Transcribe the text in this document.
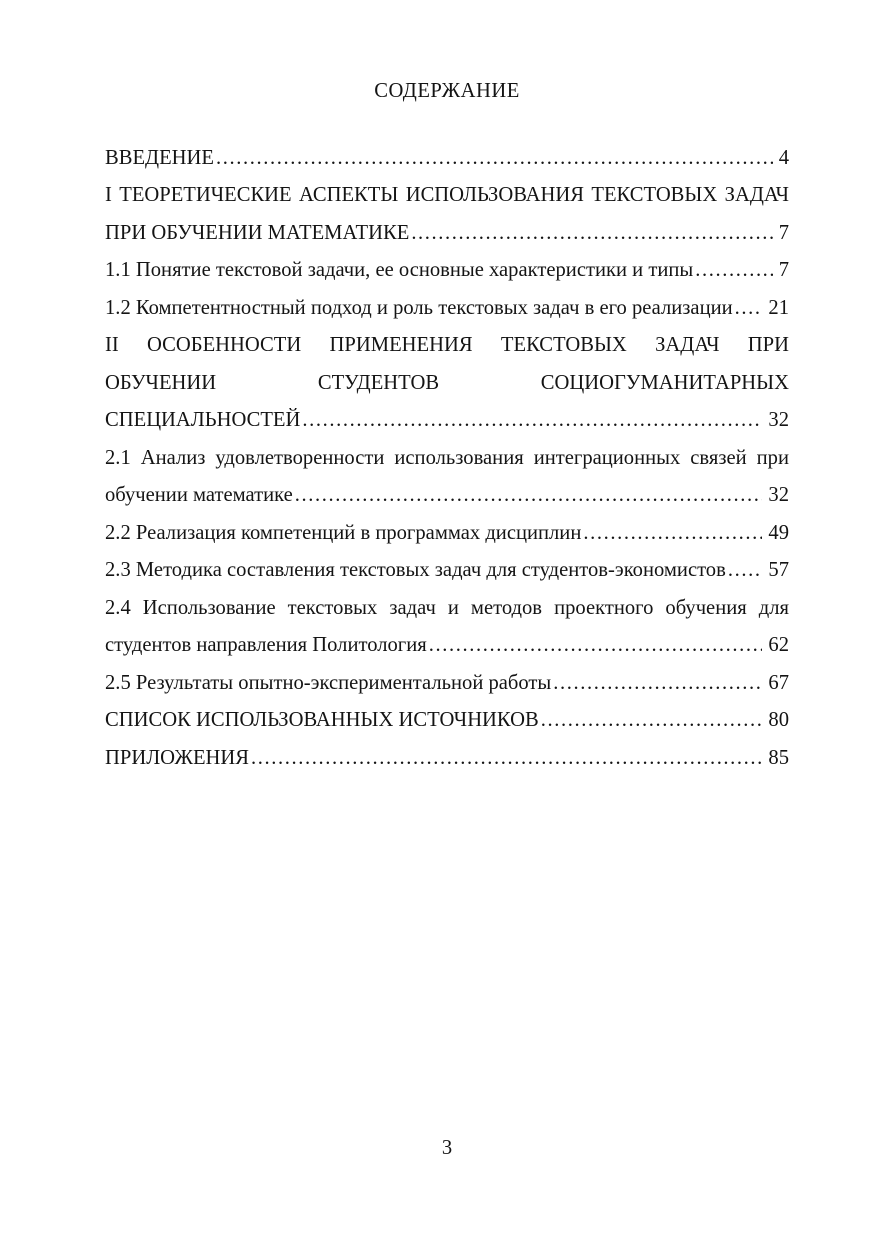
СОДЕРЖАНИЕ
ВВЕДЕНИЕ .....	4
I ТЕОРЕТИЧЕСКИЕ АСПЕКТЫ ИСПОЛЬЗОВАНИЯ ТЕКСТОВЫХ ЗАДАЧ
ПРИ ОБУЧЕНИИ МАТЕМАТИКЕ .....	7
1.1 Понятие текстовой задачи, ее основные характеристики и типы .....	7
1.2 Компетентностный подход и роль текстовых задач в его реализации ..... 21
II ОСОБЕННОСТИ ПРИМЕНЕНИЯ ТЕКСТОВЫХ ЗАДАЧ ПРИ
ОБУЧЕНИИ СТУДЕНТОВ СОЦИОГУМАНИТАРНЫХ
СПЕЦИАЛЬНОСТЕЙ .....	32
2.1 Анализ удовлетворенности использования интеграционных связей при
обучении математике .....	32
2.2 Реализация компетенций в программах дисциплин .....	49
2.3 Методика составления текстовых задач для студентов-экономистов ..... 57
2.4 Использование текстовых задач и методов проектного обучения для
студентов направления Политология .....	62
2.5 Результаты опытно-экспериментальной работы .....	67
СПИСОК ИСПОЛЬЗОВАННЫХ ИСТОЧНИКОВ .....	80
ПРИЛОЖЕНИЯ .....	85
3
